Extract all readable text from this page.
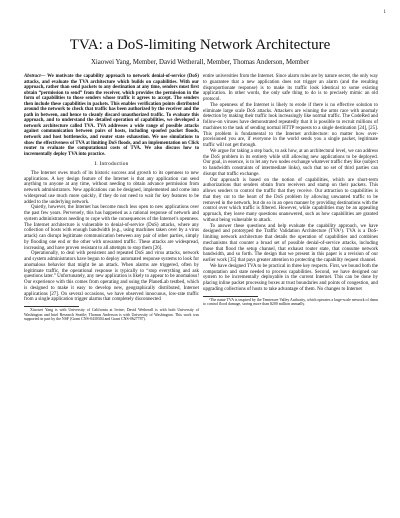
1
TVA: a DoS-limiting Network Architecture
Xiaowei Yang, Member, David Wetherall, Member, Thomas Anderson, Member
Abstract— We motivate the capability approach to network denial-of-service (DoS) attacks, and evaluate the TVA architecture which builds on capabilities. With our approach, rather than send packets to any destination at any time, senders must first obtain “permission to send” from the receiver, which provides the permission in the form of capabilities to those senders whose traffic it agrees to accept. The senders then include these capabilities in packets. This enables verification points distributed around the network to check that traffic has been authorized by the receiver and the path in between, and hence to cleanly discard unauthorized traffic. To evaluate this approach, and to understand the detailed operation of capabilities, we developed a network architecture called TVA. TVA addresses a wide range of possible attacks against communication between pairs of hosts, including spoofed packet floods, network and host bottlenecks, and router state exhaustion. We use simulations to show the effectiveness of TVA at limiting DoS floods, and an implementation on Click router to evaluate the computational costs of TVA. We also discuss how to incrementally deploy TVA into practice.
I. Introduction

The Internet owes much of its historic success and growth to its openness to new applications. A key design feature of the Internet is that any application can send anything to anyone at any time, without needing to obtain advance permission from network administrators. New applications can be designed, implemented and come into widespread use much more quickly, if they do not need to wait for key features to be added to the underlying network.

Quietly, however, the Internet has become much less open to new applications over the past few years. Perversely, this has happened as a rational response of network and system administrators needing to cope with the consequences of the Internet’s openness. The Internet architecture is vulnerable to denial-of-service (DoS) attacks, where any collection of hosts with enough bandwidth (e.g., using machines taken over by a virus attack) can disrupt legitimate communication between any pair of other parties, simply by flooding one end or the other with unwanted traffic. These attacks are widespread, increasing, and have proven resistant to all attempts to stop them [26].

Operationally, to deal with persistent and repeated DoS and virus attacks, network and system administrators have begun to deploy automated response systems to look for anomalous behavior that might be an attack. When alarms are triggered, often by legitimate traffic, the operational response is typically to “stop everything and ask questions later.” Unfortunately, any new application is likely to appear to be anomalous! Our experience with this comes from operating and using the PlanetLab testbed, which is designed to make it easy to develop new, geographically distributed, Internet applications [27]. On several occasions, we have observed innocuous, low-rate traffic from a single application trigger alarms that completely disconnected

Xiaowei Yang is with University of California at Irvine; David Wetherall is with both University of Washington and Intel Research Seattle; Thomas Anderson is with University of Washington. This work was supported in part by the NSF (Grant CNS-0430304 and Grant CNS-0627787).

entire universities from the Internet. Since alarm rules are by nature secret, the only way to guarantee that a new application does not trigger an alarm (and the resulting disproportionate response) is to make its traffic look identical to some existing application. In other words, the only safe thing to do is to precisely mimic an old protocol.

The openness of the Internet is likely to erode if there is no effective solution to eliminate large scale DoS attacks. Attackers are winning the arms race with anomaly detection by making their traffic look increasingly like normal traffic. The CodeRed and follow-on viruses have demonstrated repeatedly that it is possible to recruit millions of machines to the task of sending normal HTTP requests to a single destination [24], [25]. This problem is fundamental to the Internet architecture: no matter how over-provisioned you are, if everyone in the world sends you a single packet, legitimate traffic will not get through.

We argue for taking a step back, to ask how, at an architectural level, we can address the DoS problem in its entirety while still allowing new applications to be deployed. Our goal, in essence, is to let any two nodes exchange whatever traffic they like (subject to bandwidth constraints of intermediate links), such that no set of third parties can disrupt that traffic exchange.

Our approach is based on the notion of capabilities, which are short-term authorizations that senders obtain from receivers and stamp on their packets. This allows senders to control the traffic that they receive. Our attraction to capabilities is that they cut to the heart of the DoS problem by allowing unwanted traffic to be removed in the network, but do so in an open manner by providing destinations with the control over which traffic is filtered. However, while capabilities may be an appealing approach, they leave many questions unanswered, such as how capabilities are granted without being vulnerable to attack.

To answer these questions and help evaluate the capability approach, we have designed and prototyped the Traffic Validation Architecture (TVA¹). TVA is a DoS-limiting network architecture that details the operation of capabilities and combines mechanisms that counter a broad set of possible denial-of-service attacks, including those that flood the setup channel, that exhaust router state, that consume network bandwidth, and so forth. The design that we present in this paper is a revision of our earlier work [35] that pays greater attention to protecting the capability request channel.

We have designed TVA to be practical in three key respects. First, we bound both the computation and state needed to process capabilities. Second, we have designed our system to be incrementally deployable in the current Internet. This can be done by placing inline packet processing boxes at trust boundaries and points of congestion, and upgrading collections of hosts to take advantage of them. No changes to Internet

¹The name TVA is inspired by the Tennessee Valley Authority, which operates a large-scale network of dams to control flood damage, saving more than $200 million annually.
